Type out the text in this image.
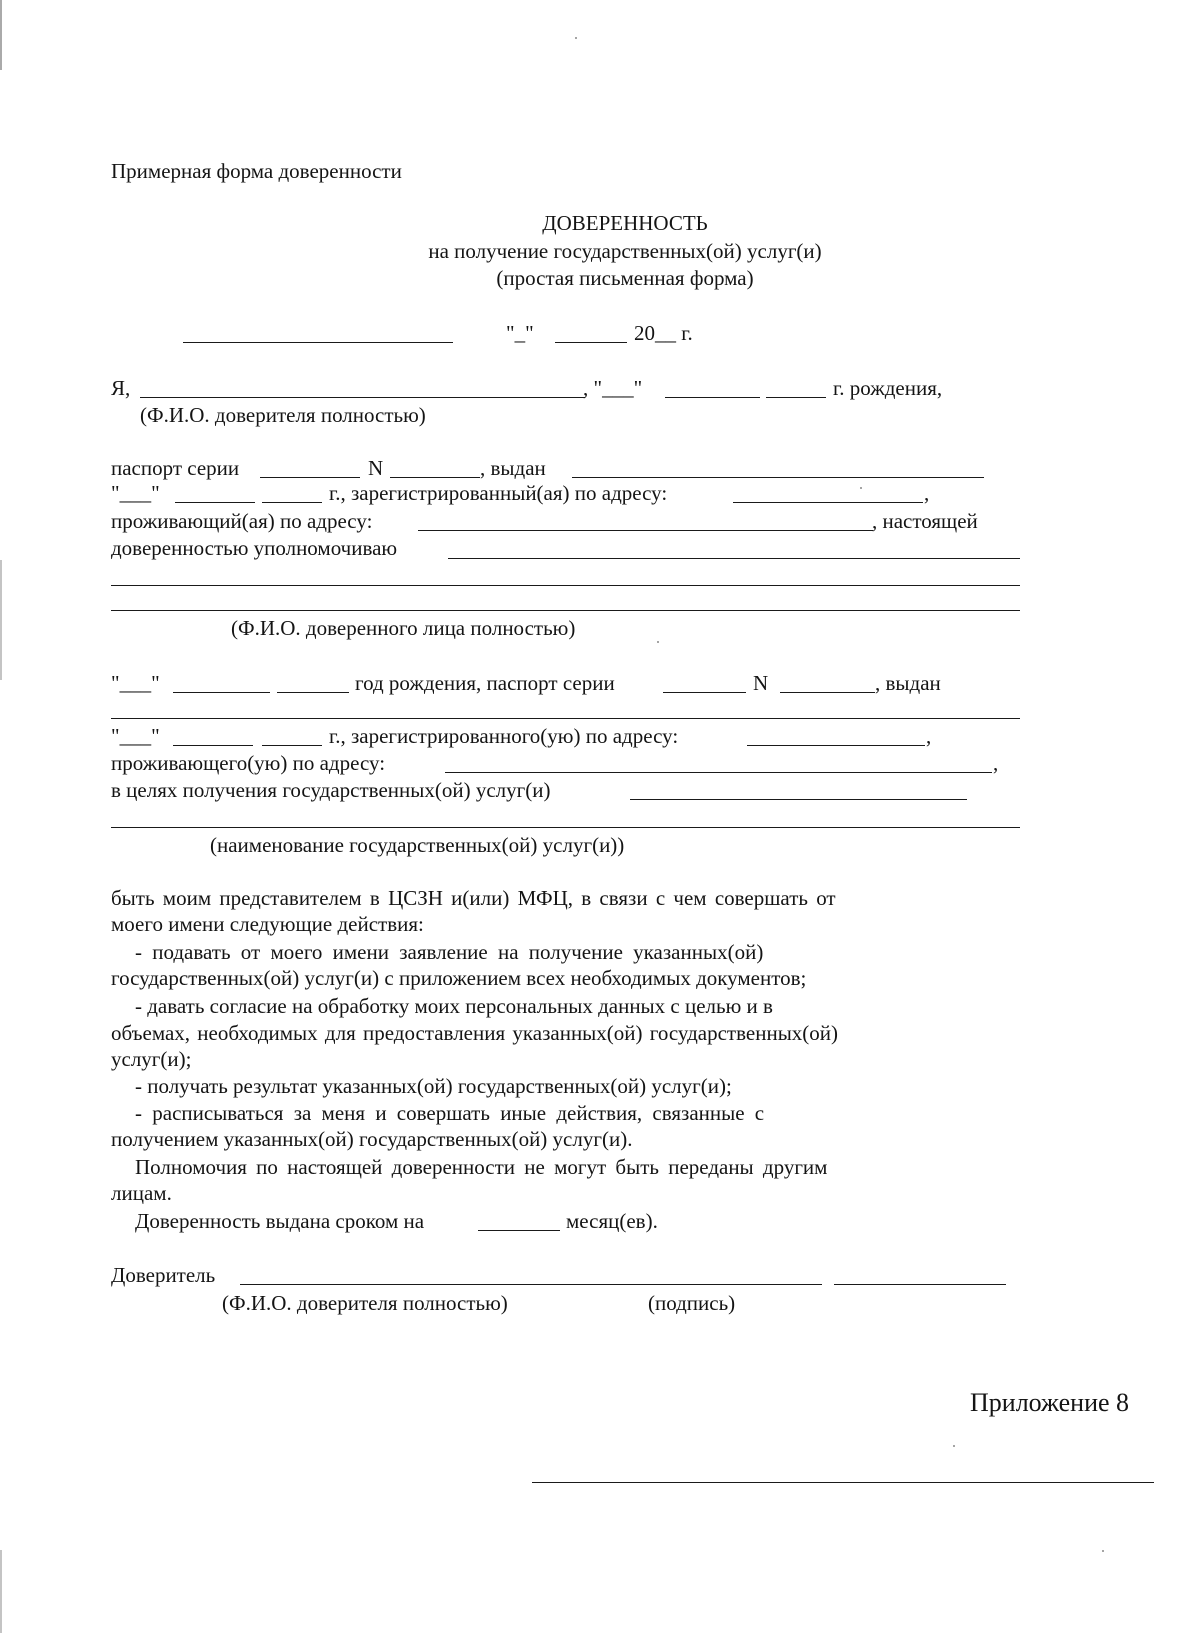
Примерная форма доверенности
ДОВЕРЕННОСТЬ
на получение государственных(ой) услуг(и)
(простая письменная форма)
"_"	20__ г.
Я,	, "___"	г. рождения,
(Ф.И.О. доверителя полностью)
паспорт серии	N	, выдан
"___"	г., зарегистрированный(ая) по адресу:	,
проживающий(ая) по адресу:	, настоящей
доверенностью уполномочиваю
(Ф.И.О. доверенного лица полностью)
"___"	год рождения, паспорт серии	N	, выдан
"___"	г., зарегистрированного(ую) по адресу:	,
проживающего(ую) по адресу:	,
в целях получения государственных(ой) услуг(и)
(наименование государственных(ой) услуг(и))
быть моим представителем в ЦСЗН и(или) МФЦ, в связи с чем совершать от
моего имени следующие действия:
- подавать от моего имени заявление на получение указанных(ой)
государственных(ой) услуг(и) с приложением всех необходимых документов;
- давать согласие на обработку моих персональных данных с целью и в
объемах, необходимых для предоставления указанных(ой) государственных(ой)
услуг(и);
- получать результат указанных(ой) государственных(ой) услуг(и);
- расписываться за меня и совершать иные действия, связанные с
получением указанных(ой) государственных(ой) услуг(и).
Полномочия по настоящей доверенности не могут быть переданы другим
лицам.
Доверенность выдана сроком на	месяц(ев).
Доверитель
(Ф.И.О. доверителя полностью)	(подпись)
Приложение 8
